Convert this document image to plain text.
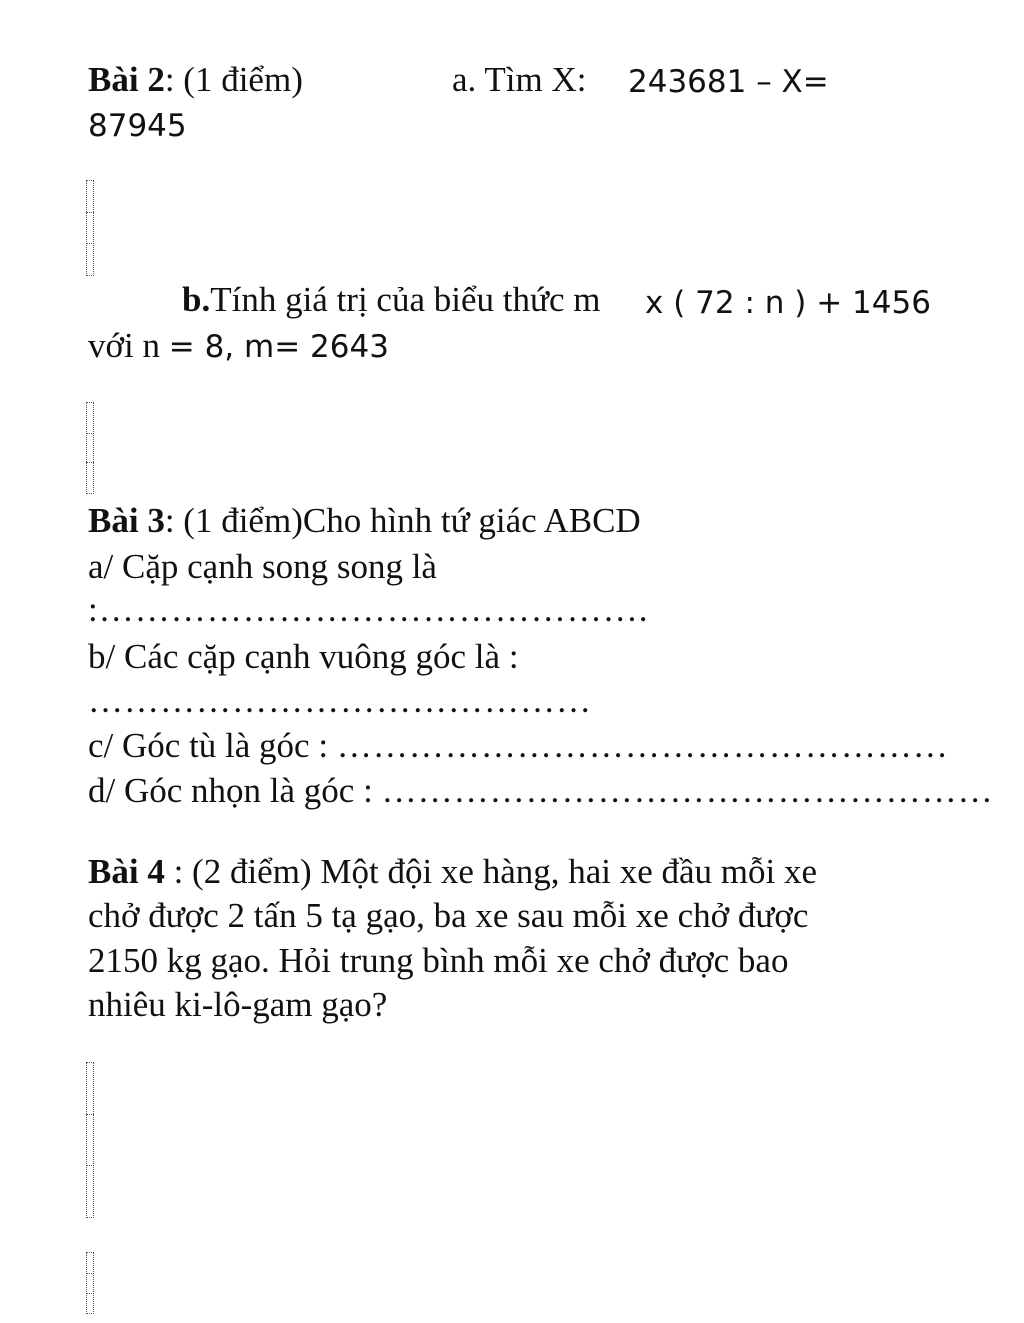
Bài 2: (1 điểm)	a. Tìm X: 243681 – X=
87945
b.Tính giá trị của biểu thức m x ( 72 : n ) + 1456
với n = 8, m= 2643
Bài 3: (1 điểm)Cho hình tứ giác ABCD
a/ Cặp cạnh song song là
:……………………………………….
b/ Các cặp cạnh vuông góc là :
……………………………………
c/ Góc tù là góc : ……………………………………………
d/ Góc nhọn là góc : ……………………………………………
Bài 4 : (2 điểm) Một đội xe hàng, hai xe đầu mỗi xe
chở được 2 tấn 5 tạ gạo, ba xe sau mỗi xe chở được
2150 kg gạo. Hỏi trung bình mỗi xe chở được bao
nhiêu ki-lô-gam gạo?
